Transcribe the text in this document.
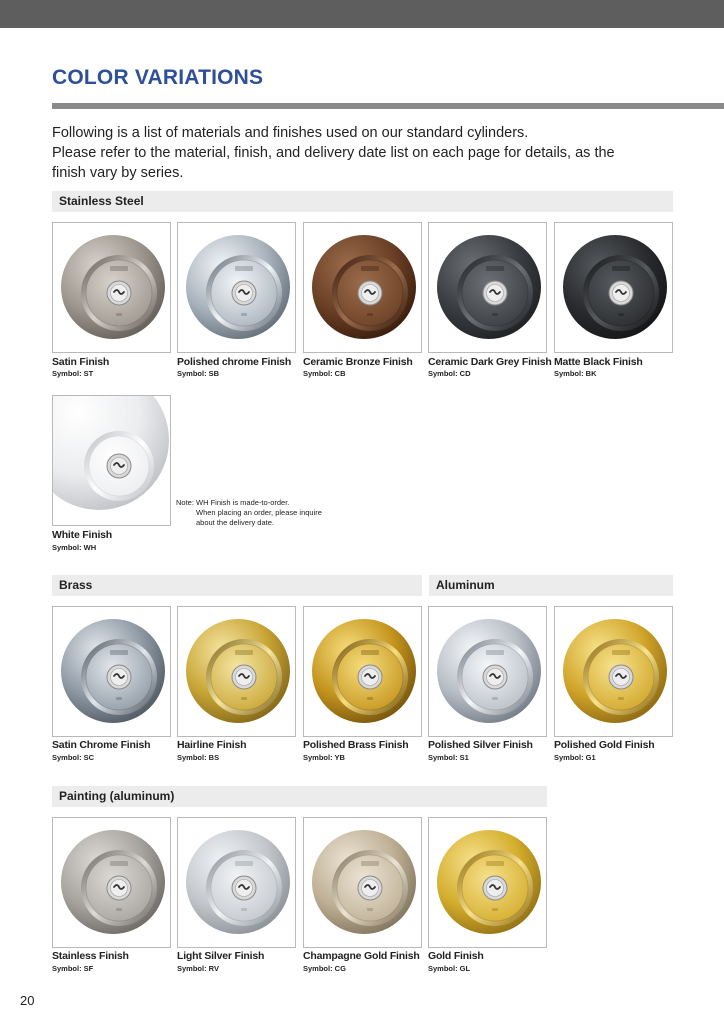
COLOR VARIATIONS
Following is a list of materials and finishes used on our standard cylinders.
Please refer to the material, finish, and delivery date list on each page for details, as the
finish vary by series.
Stainless Steel
Brass	Aluminum
Painting (aluminum)
Satin Finish
Symbol: ST
Polished chrome Finish
Symbol: SB
Ceramic Bronze Finish
Symbol: CB
Ceramic Dark Grey Finish
Symbol: CD
Matte Black Finish
Symbol: BK
White Finish
Symbol: WH
Note: WH Finish is made-to-order.
When placing an order, please inquire
about the delivery date.
Satin Chrome Finish
Symbol: SC
Hairline Finish
Symbol: BS
Polished Brass Finish
Symbol: YB
Polished Silver Finish
Symbol: S1
Polished Gold Finish
Symbol: G1
Stainless Finish
Symbol: SF
Light Silver Finish
Symbol: RV
Champagne Gold Finish
Symbol: CG
Gold Finish
Symbol: GL
20
